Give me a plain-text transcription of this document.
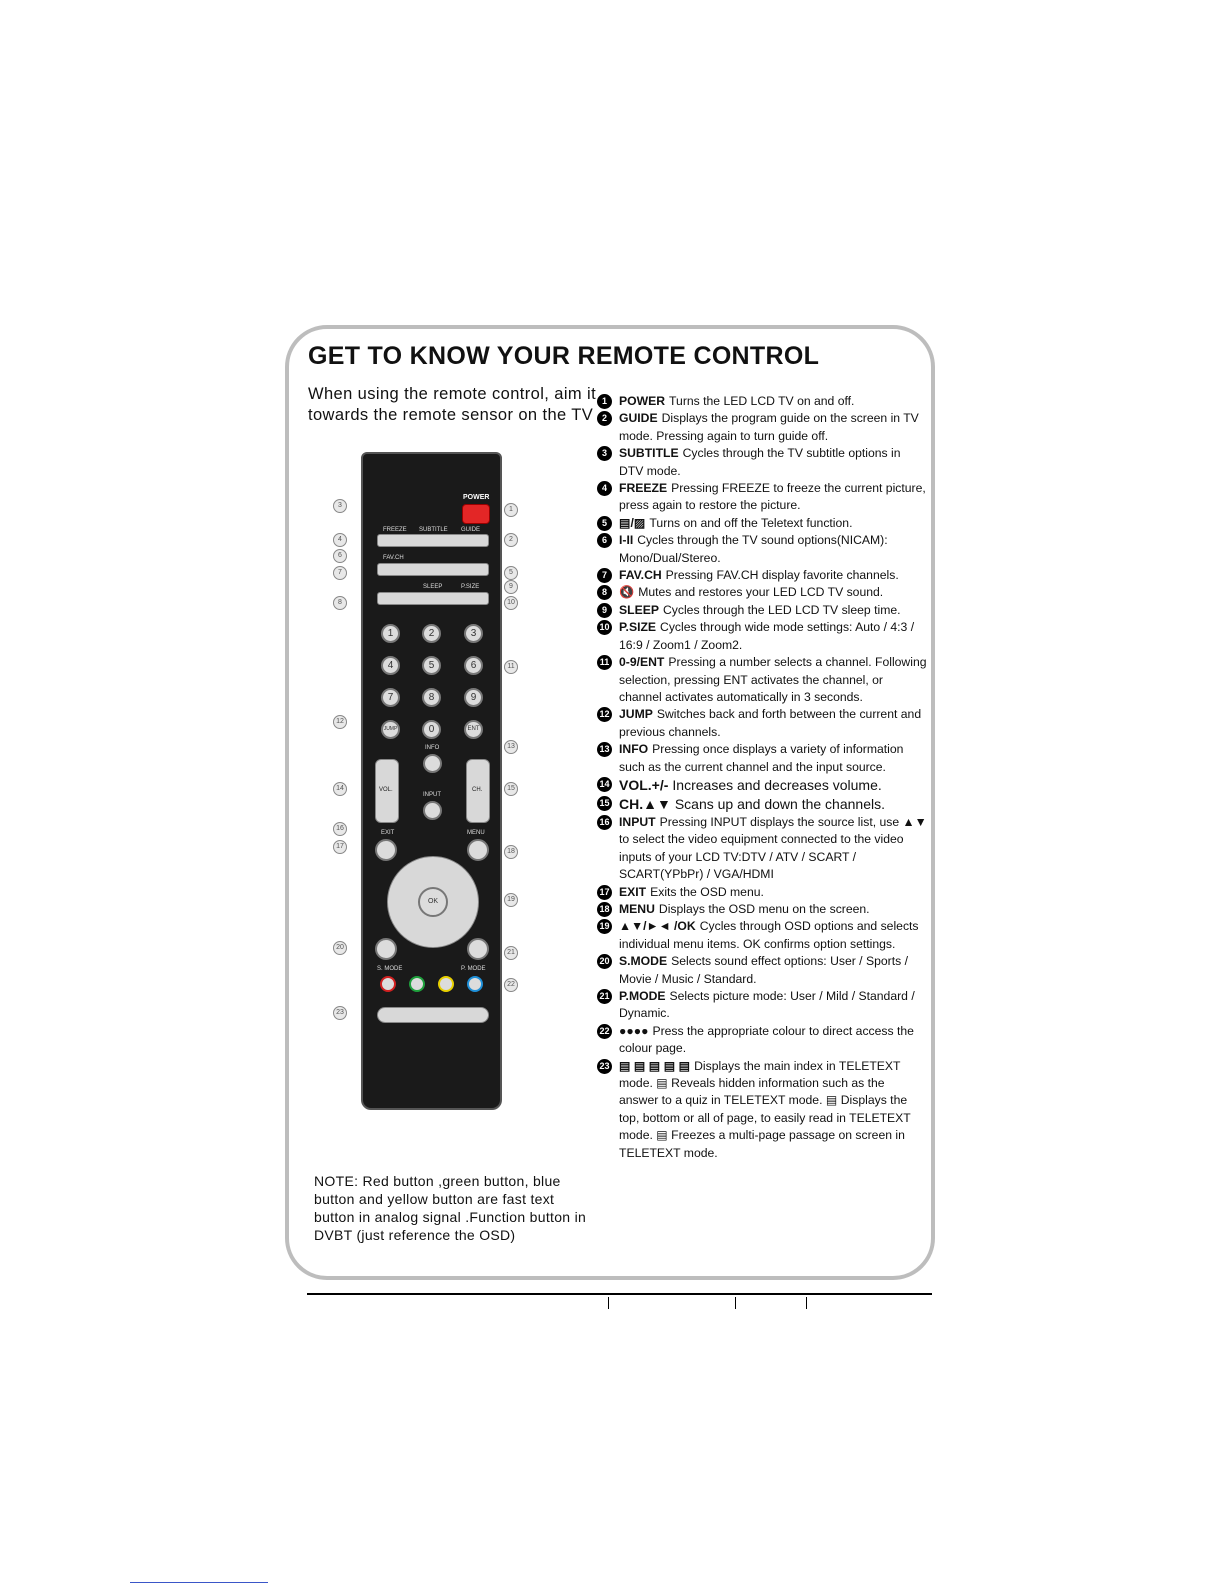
GET TO KNOW YOUR REMOTE CONTROL
When using the remote control, aim it towards the remote sensor on the TV
POWER
FREEZE SUBTITLE GUIDE
FAV.CH
SLEEP	P.SIZE
1	2	3
4	5	6
7	8	9
JUMP	0	ENT
INFO
VOL.	CH.
INPUT
EXIT	MENU
OK
S. MODE	P. MODE
1
2
3
4
5
6
7
8
9
10
11
12
13
14	15
16
17
18
19
20
21
22
23
1 POWER Turns the LED LCD TV on and off.
2 GUIDE Displays the program guide on the screen in TV mode. Pressing again to turn guide off.
3 SUBTITLE Cycles through the TV subtitle options in DTV mode.
4 FREEZE Pressing FREEZE to freeze the current picture, press again to restore the picture.
5 ▤/▨ Turns on and off the Teletext function.
6 I-II Cycles through the TV sound options(NICAM): Mono/Dual/Stereo.
7 FAV.CH Pressing FAV.CH display favorite channels.
8 🔇 Mutes and restores your LED LCD TV sound.
9 SLEEP Cycles through the LED LCD TV sleep time.
10 P.SIZE Cycles through wide mode settings: Auto / 4:3 / 16:9 / Zoom1 / Zoom2.
11 0-9/ENT Pressing a number selects a channel. Following selection, pressing ENT activates the channel, or channel activates automatically in 3 seconds.
12 JUMP Switches back and forth between the current and previous channels.
13 INFO Pressing once displays a variety of information such as the current channel and the input source.
14 VOL.+/- Increases and decreases volume.
15 CH.▲▼ Scans up and down the channels.
16 INPUT Pressing INPUT displays the source list, use ▲▼ to select the video equipment connected to the video inputs of your LCD TV:DTV / ATV / SCART / SCART(YPbPr) / VGA/HDMI
17 EXIT Exits the OSD menu.
18 MENU Displays the OSD menu on the screen.
19 ▲▼/►◄ /OK Cycles through OSD options and selects individual menu items. OK confirms option settings.
20 S.MODE Selects sound effect options: User / Sports / Movie / Music / Standard.
21 P.MODE Selects picture mode: User / Mild / Standard / Dynamic.
22 ●●●● Press the appropriate colour to direct access the colour page.
23 ▤ ▤ ▤ ▤ ▤ Displays the main index in TELETEXT mode. ▤ Reveals hidden information such as the answer to a quiz in TELETEXT mode. ▤ Displays the top, bottom or all of page, to easily read in TELETEXT mode. ▤ Freezes a multi-page passage on screen in TELETEXT mode.
NOTE: Red button ,green button, blue button and yellow button are fast text button in analog signal .Function button in DVBT (just reference the OSD)
